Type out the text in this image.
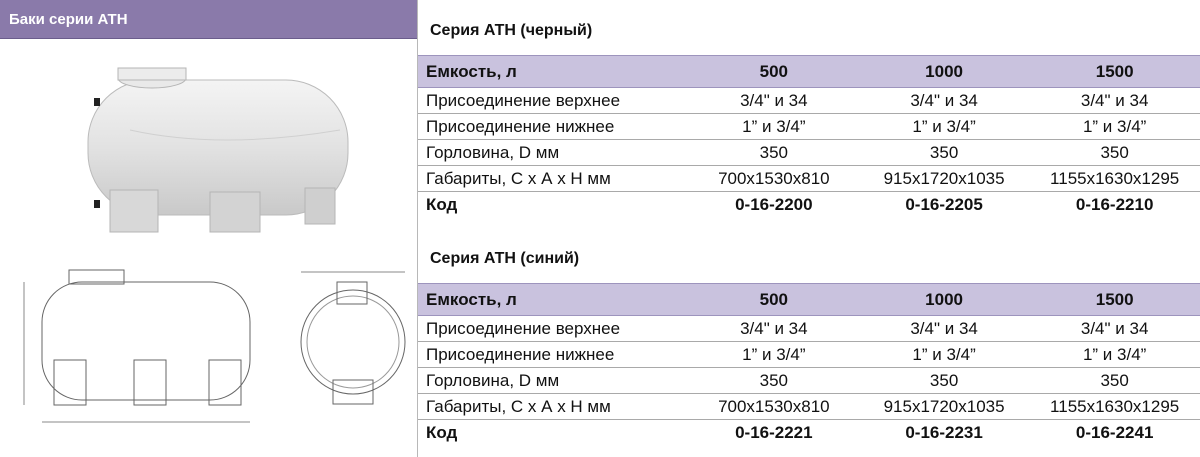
Баки серии АТН
Серия АТН (черный)
Емкость, л	500	1000	1500
Присоединение верхнее	3/4" и 34	3/4" и 34	3/4" и 34
Присоединение нижнее	1” и 3/4”	1” и 3/4”	1” и 3/4”
Горловина, D мм	350	350	350
Габариты, С х А х Н мм	700x1530x810	915x1720x1035	1155x1630x1295
Код	0-16-2200	0-16-2205	0-16-2210
Серия АТН (синий)
Емкость, л	500	1000	1500
Присоединение верхнее	3/4" и 34	3/4" и 34	3/4" и 34
Присоединение нижнее	1” и 3/4”	1” и 3/4”	1” и 3/4”
Горловина, D мм	350	350	350
Габариты, С х А х Н мм	700x1530x810	915x1720x1035	1155x1630x1295
Код	0-16-2221	0-16-2231	0-16-2241
